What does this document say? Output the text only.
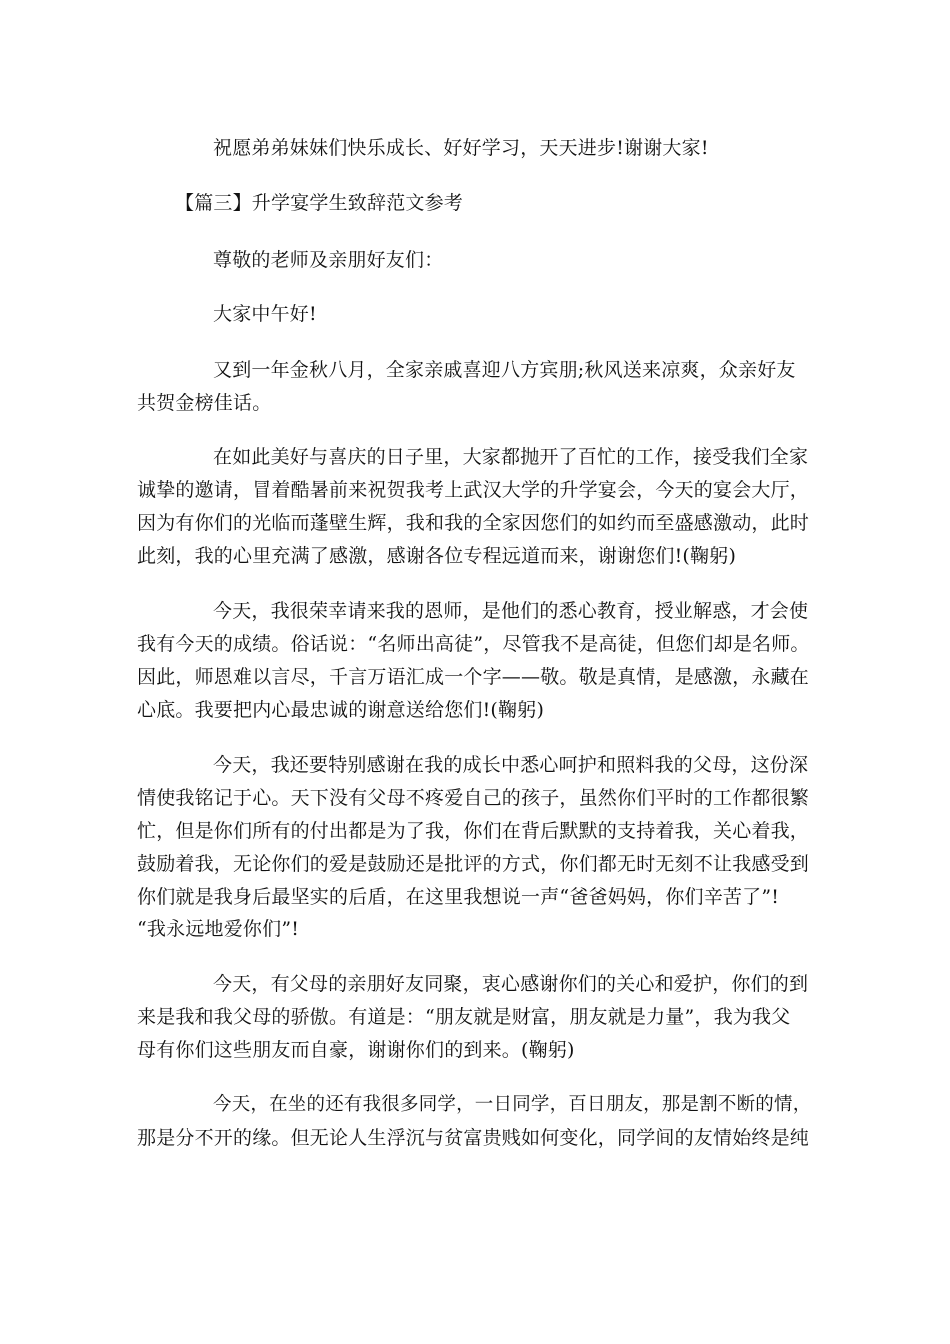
祝愿弟弟妹妹们快乐成长、好好学习，天天进步!谢谢大家!
【篇三】升学宴学生致辞范文参考
尊敬的老师及亲朋好友们：
大家中午好!
又到一年金秋八月，全家亲戚喜迎八方宾朋;秋风送来凉爽，众亲好友
共贺金榜佳话。
在如此美好与喜庆的日子里，大家都抛开了百忙的工作，接受我们全家
诚挚的邀请，冒着酷暑前来祝贺我考上武汉大学的升学宴会，今天的宴会大厅，
因为有你们的光临而蓬壁生辉，我和我的全家因您们的如约而至盛感激动，此时
此刻，我的心里充满了感激，感谢各位专程远道而来，谢谢您们!(鞠躬)
今天，我很荣幸请来我的恩师，是他们的悉心教育，授业解惑，才会使
我有今天的成绩。俗话说：“名师出高徒”，尽管我不是高徒，但您们却是名师。
因此，师恩难以言尽，千言万语汇成一个字——敬。敬是真情，是感激，永藏在
心底。我要把内心最忠诚的谢意送给您们!(鞠躬)
今天，我还要特别感谢在我的成长中悉心呵护和照料我的父母，这份深
情使我铭记于心。天下没有父母不疼爱自己的孩子，虽然你们平时的工作都很繁
忙，但是你们所有的付出都是为了我，你们在背后默默的支持着我，关心着我，
鼓励着我，无论你们的爱是鼓励还是批评的方式，你们都无时无刻不让我感受到
你们就是我身后最坚实的后盾，在这里我想说一声“爸爸妈妈，你们辛苦了”!
“我永远地爱你们”!
今天，有父母的亲朋好友同聚，衷心感谢你们的关心和爱护，你们的到
来是我和我父母的骄傲。有道是：“朋友就是财富，朋友就是力量”，我为我父
母有你们这些朋友而自豪，谢谢你们的到来。(鞠躬)
今天，在坐的还有我很多同学，一日同学，百日朋友，那是割不断的情，
那是分不开的缘。但无论人生浮沉与贫富贵贱如何变化，同学间的友情始终是纯
